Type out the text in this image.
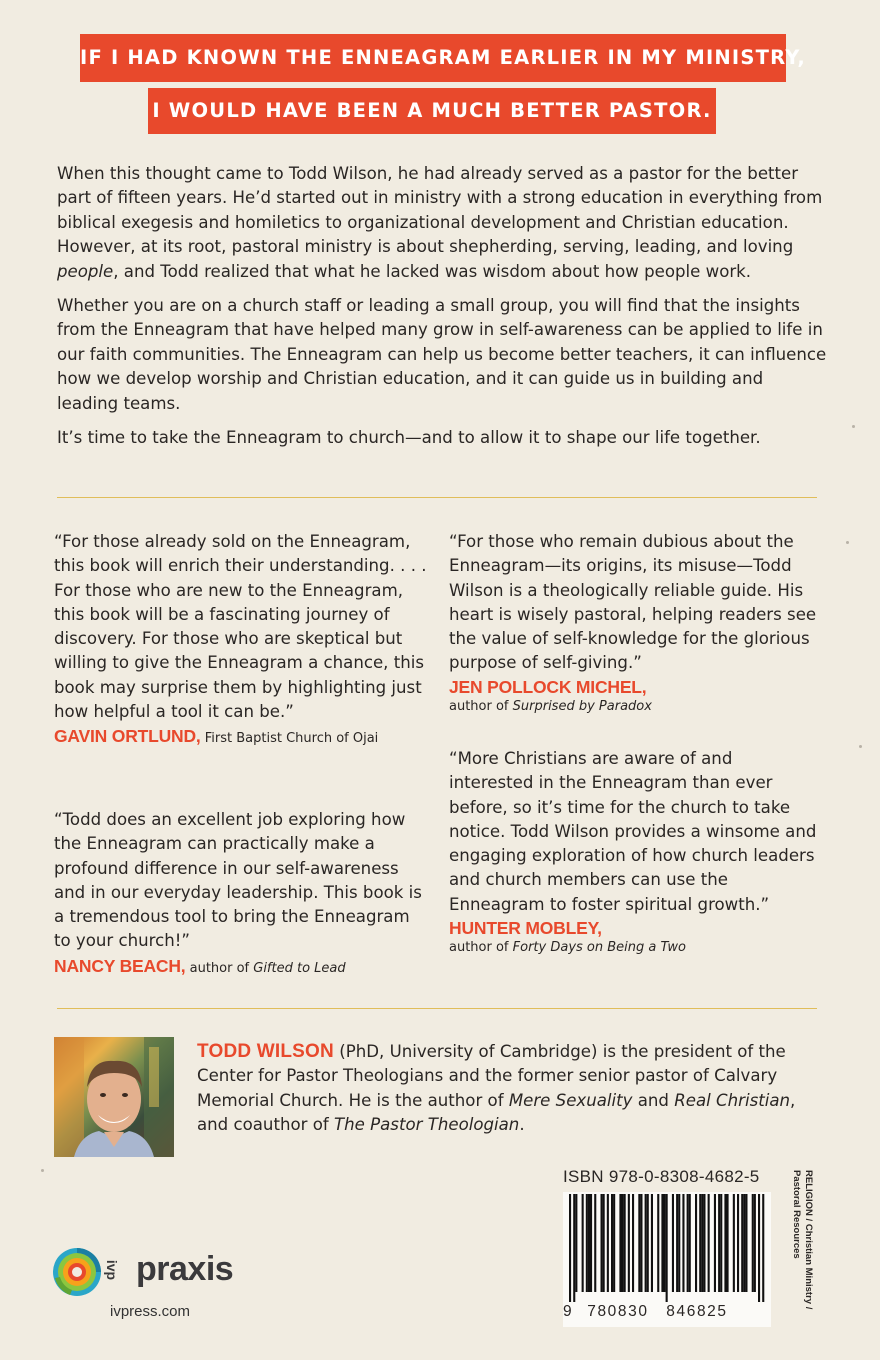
IF I HAD KNOWN THE ENNEAGRAM EARLIER IN MY MINISTRY,
I WOULD HAVE BEEN A MUCH BETTER PASTOR.

When this thought came to Todd Wilson, he had already served as a pastor for the better part of fifteen years. He’d started out in ministry with a strong education in everything from biblical exegesis and homiletics to organizational development and Christian education. However, at its root, pastoral ministry is about shepherding, serving, leading, and loving people, and Todd realized that what he lacked was wisdom about how people work.

Whether you are on a church staff or leading a small group, you will find that the insights from the Enneagram that have helped many grow in self-awareness can be applied to life in our faith communities. The Enneagram can help us become better teachers, it can influence how we develop worship and Christian education, and it can guide us in building and leading teams.

It’s time to take the Enneagram to church—and to allow it to shape our life together.

“For those already sold on the Enneagram, this book will enrich their understanding. . . . For those who are new to the Enneagram, this book will be a fascinating journey of discovery. For those who are skeptical but willing to give the Enneagram a chance, this book may surprise them by highlighting just how helpful a tool it can be.”

GAVIN ORTLUND, First Baptist Church of Ojai

“Todd does an excellent job exploring how the Enneagram can practically make a profound difference in our self-awareness and in our everyday leadership. This book is a tremendous tool to bring the Enneagram to your church!”

NANCY BEACH, author of Gifted to Lead

“For those who remain dubious about the Enneagram—its origins, its misuse—Todd Wilson is a theologically reliable guide. His heart is wisely pastoral, helping readers see the value of self-knowledge for the glorious purpose of self-giving.”

JEN POLLOCK MICHEL,
author of Surprised by Paradox

“More Christians are aware of and interested in the Enneagram than ever before, so it’s time for the church to take notice. Todd Wilson provides a winsome and engaging exploration of how church leaders and church members can use the Enneagram to foster spiritual growth.”

HUNTER MOBLEY,
author of Forty Days on Being a Two

TODD WILSON (PhD, University of Cambridge) is the president of the Center for Pastor Theologians and the former senior pastor of Calvary Memorial Church. He is the author of Mere Sexuality and Real Christian, and coauthor of The Pastor Theologian.

ISBN 978-0-8308-4682-5
9 780830 846825
RELIGION / Christian Ministry /
Pastoral Resources
ivp praxis
ivpress.com
